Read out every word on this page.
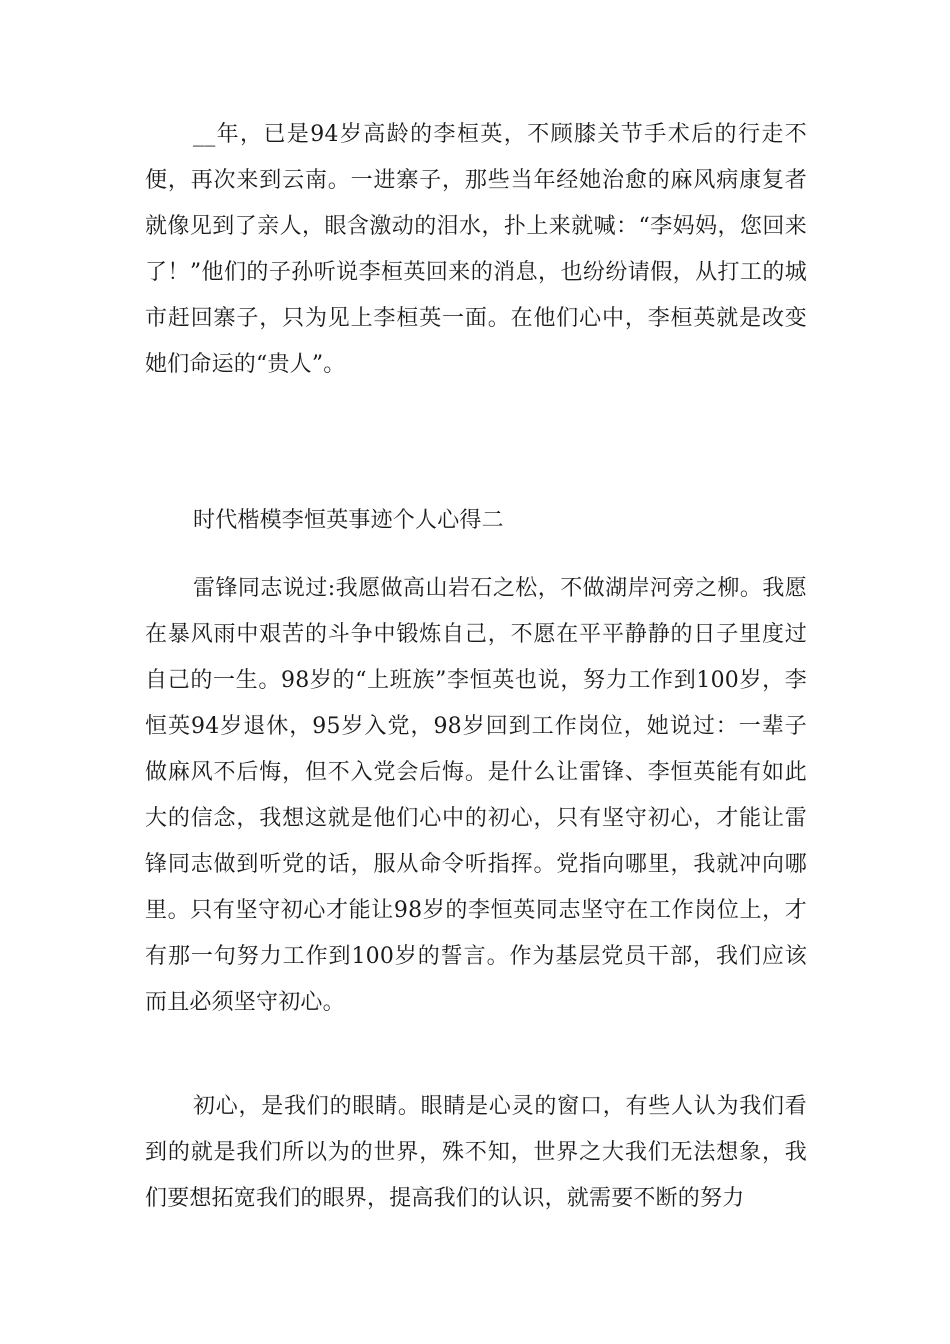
__年，已是94岁高龄的李桓英，不顾膝关节手术后的行走不便，再次来到云南。一进寨子，那些当年经她治愈的麻风病康复者就像见到了亲人，眼含激动的泪水，扑上来就喊：“李妈妈，您回来了！”他们的子孙听说李桓英回来的消息，也纷纷请假，从打工的城市赶回寨子，只为见上李桓英一面。在他们心中，李桓英就是改变她们命运的“贵人”。

时代楷模李恒英事迹个人心得二

雷锋同志说过:我愿做高山岩石之松，不做湖岸河旁之柳。我愿在暴风雨中艰苦的斗争中锻炼自己，不愿在平平静静的日子里度过自己的一生。98岁的“上班族”李恒英也说，努力工作到100岁，李恒英94岁退休，95岁入党，98岁回到工作岗位，她说过：一辈子做麻风不后悔，但不入党会后悔。是什么让雷锋、李恒英能有如此大的信念，我想这就是他们心中的初心，只有坚守初心，才能让雷锋同志做到听党的话，服从命令听指挥。党指向哪里，我就冲向哪里。只有坚守初心才能让98岁的李恒英同志坚守在工作岗位上，才有那一句努力工作到100岁的誓言。作为基层党员干部，我们应该而且必须坚守初心。

初心，是我们的眼睛。眼睛是心灵的窗口，有些人认为我们看到的就是我们所以为的世界，殊不知，世界之大我们无法想象，我们要想拓宽我们的眼界，提高我们的认识，就需要不断的努力
